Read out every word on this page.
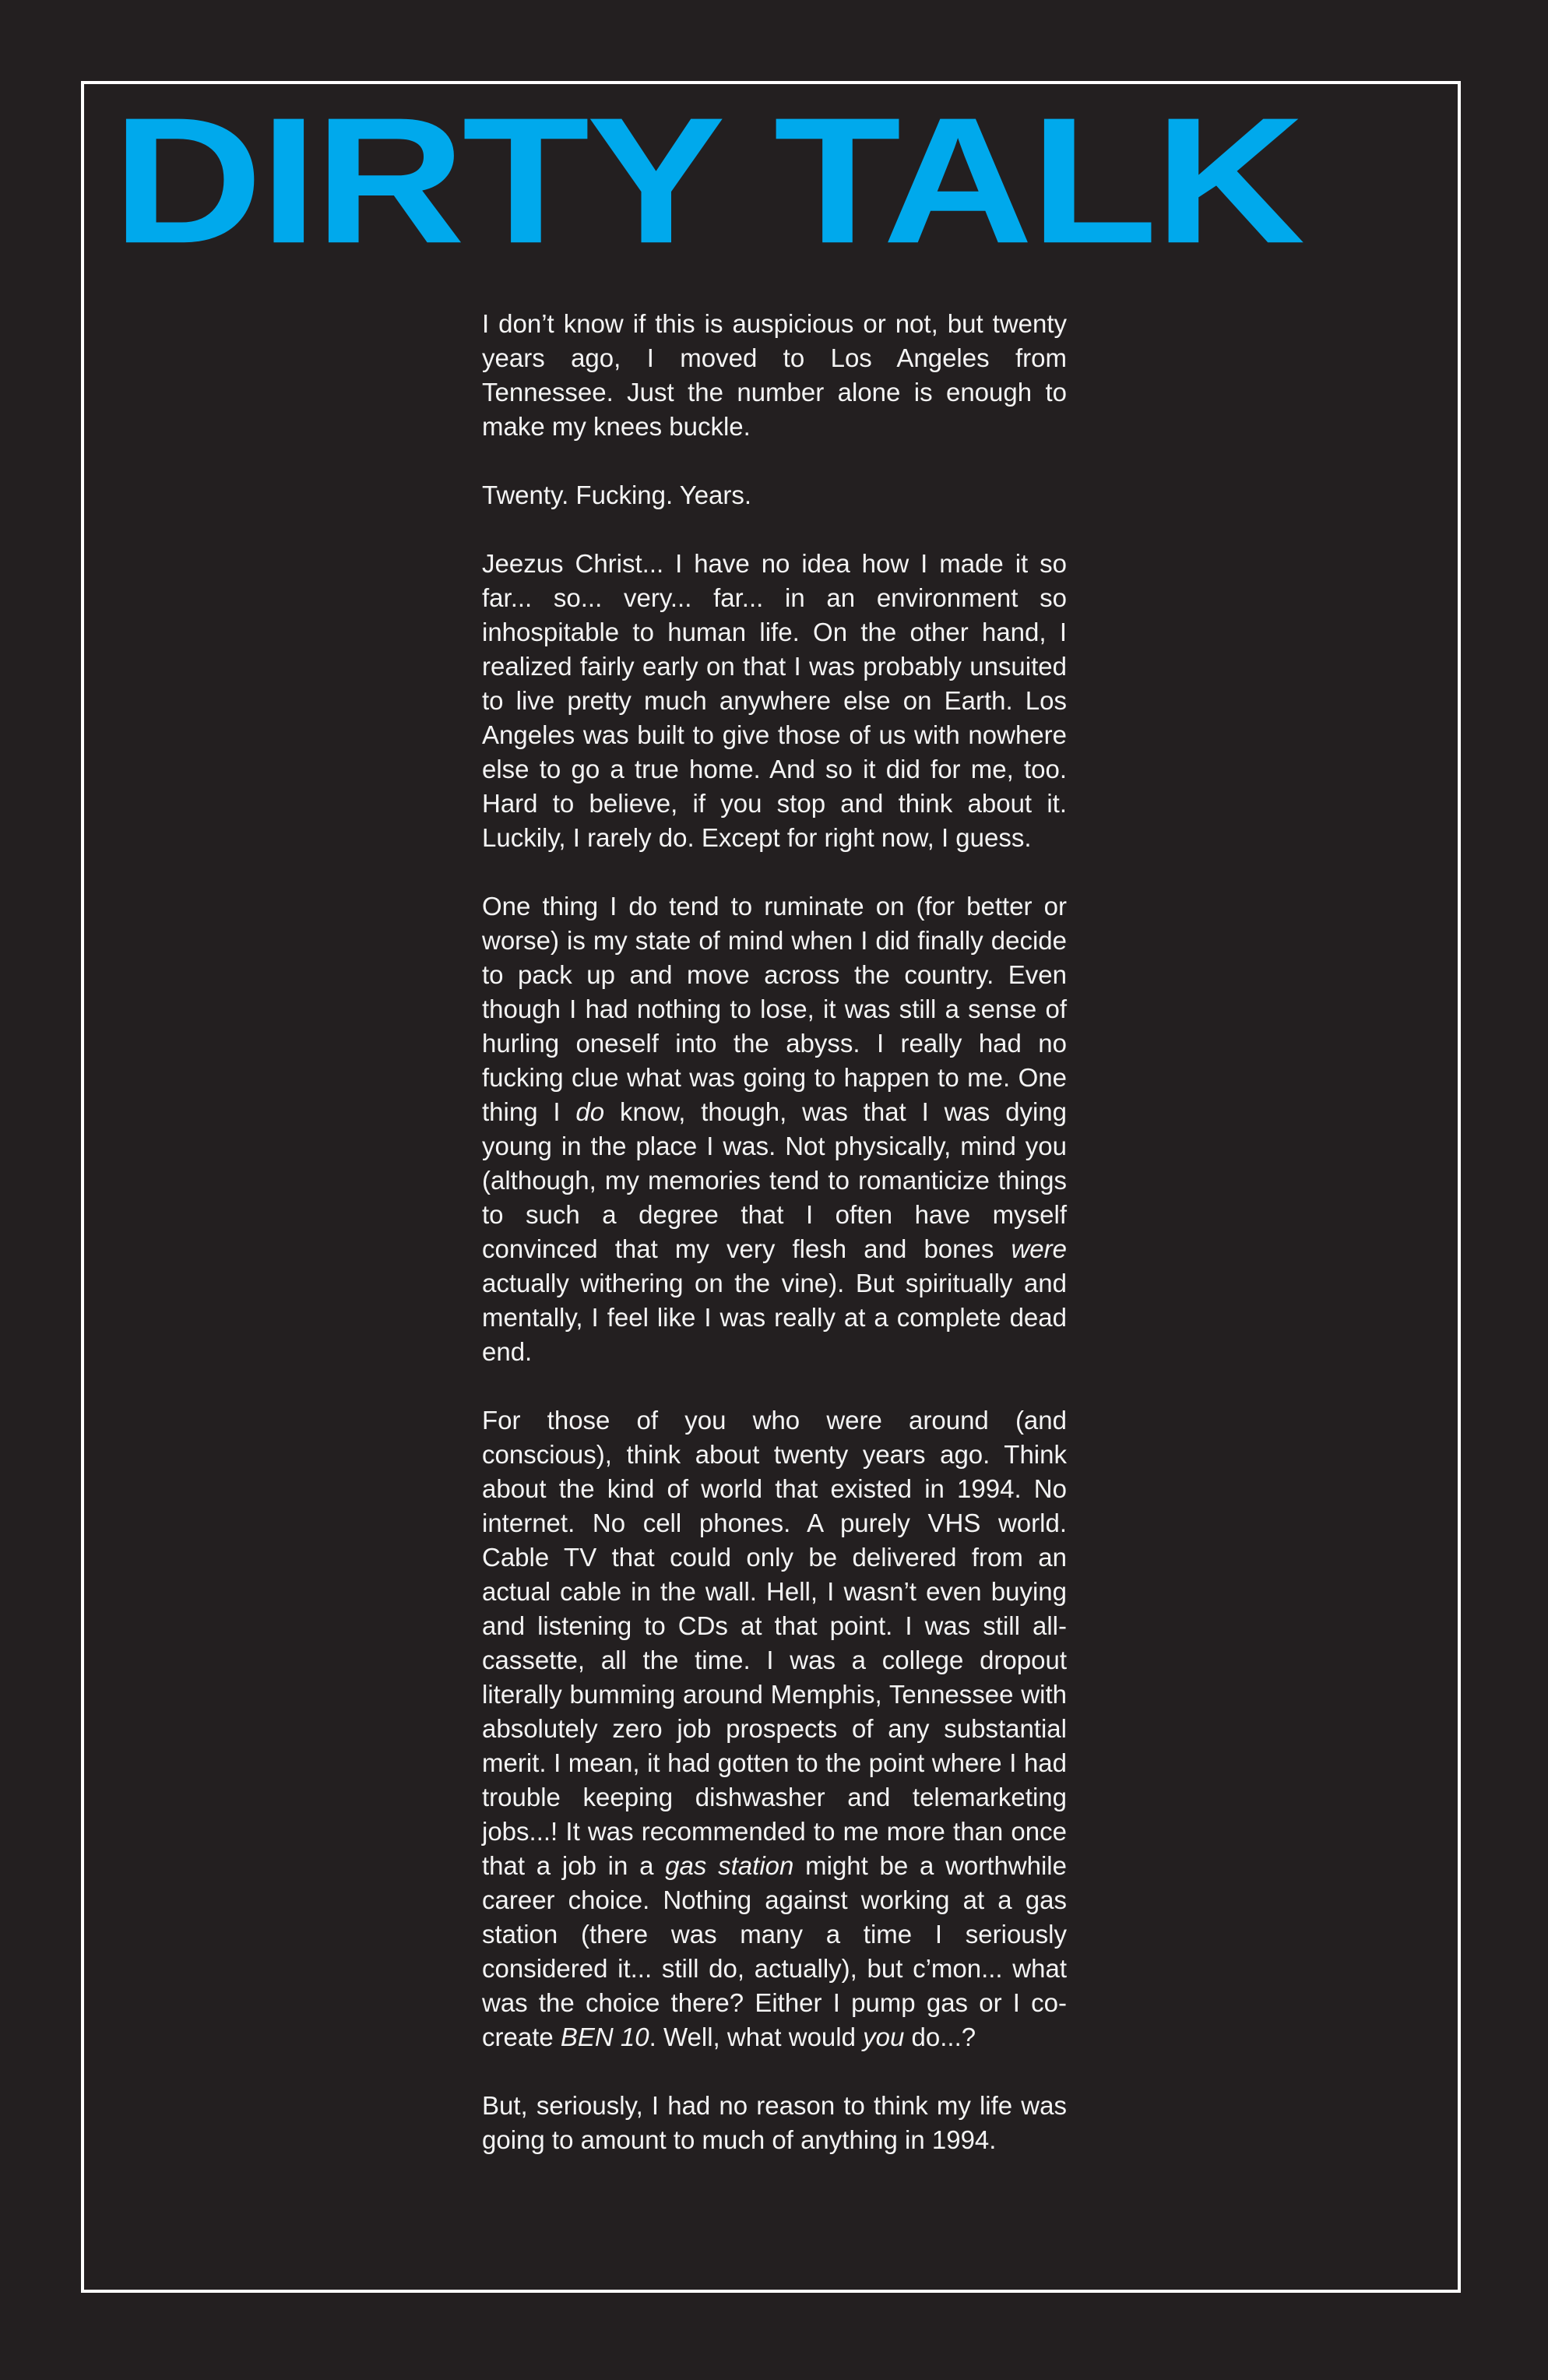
DIRTY TALK

I don’t know if this is auspicious or not, but twenty years ago, I moved to Los Angeles from Tennessee. Just the number alone is enough to make my knees buckle.

Twenty. Fucking. Years.

Jeezus Christ... I have no idea how I made it so far... so... very... far... in an environment so inhospitable to human life. On the other hand, I realized fairly early on that I was probably unsuited to live pretty much anywhere else on Earth. Los Angeles was built to give those of us with nowhere else to go a true home. And so it did for me, too. Hard to believe, if you stop and think about it. Luckily, I rarely do. Except for right now, I guess.

One thing I do tend to ruminate on (for better or worse) is my state of mind when I did finally decide to pack up and move across the country. Even though I had nothing to lose, it was still a sense of hurling oneself into the abyss. I really had no fucking clue what was going to happen to me. One thing I do know, though, was that I was dying young in the place I was. Not physically, mind you (although, my memories tend to romanticize things to such a degree that I often have myself convinced that my very flesh and bones were actually withering on the vine). But spiritually and mentally, I feel like I was really at a complete dead end.

For those of you who were around (and conscious), think about twenty years ago. Think about the kind of world that existed in 1994. No internet. No cell phones. A purely VHS world. Cable TV that could only be delivered from an actual cable in the wall. Hell, I wasn’t even buying and listening to CDs at that point. I was still all-cassette, all the time. I was a college dropout literally bumming around Memphis, Tennessee with absolutely zero job prospects of any substantial merit. I mean, it had gotten to the point where I had trouble keeping dishwasher and telemarketing jobs...! It was recommended to me more than once that a job in a gas station might be a worthwhile career choice. Nothing against working at a gas station (there was many a time I seriously considered it... still do, actually), but c’mon... what was the choice there? Either I pump gas or I co-create BEN 10. Well, what would you do...?

But, seriously, I had no reason to think my life was going to amount to much of anything in 1994.
